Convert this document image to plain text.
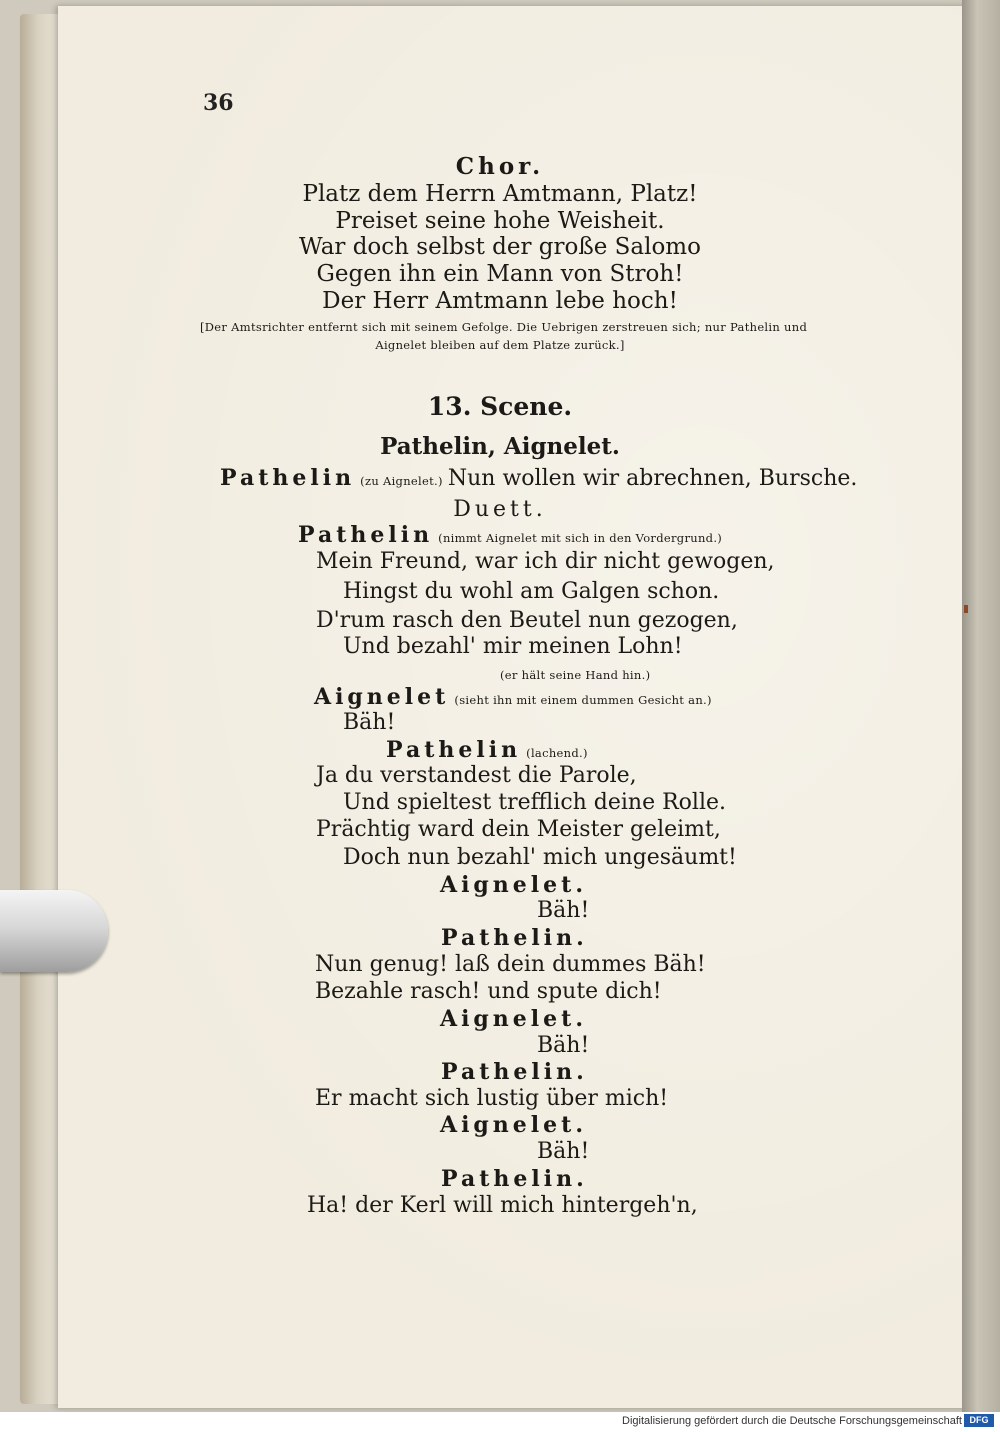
36
Chor.
Platz dem Herrn Amtmann, Platz!
Preiset seine hohe Weisheit.
War doch selbst der große Salomo
Gegen ihn ein Mann von Stroh!
Der Herr Amtmann lebe hoch!
[Der Amtsrichter entfernt sich mit seinem Gefolge. Die Uebrigen zerstreuen sich; nur Pathelin und
Aignelet bleiben auf dem Platze zurück.]
13. Scene.
Pathelin, Aignelet.
Pathelin (zu Aignelet.) Nun wollen wir abrechnen, Bursche.
Duett.
Pathelin (nimmt Aignelet mit sich in den Vordergrund.)
Mein Freund, war ich dir nicht gewogen,
Hingst du wohl am Galgen schon.
D'rum rasch den Beutel nun gezogen,
Und bezahl' mir meinen Lohn!
(er hält seine Hand hin.)
Aignelet (sieht ihn mit einem dummen Gesicht an.)
Bäh!
Pathelin (lachend.)
Ja du verstandest die Parole,
Und spieltest trefflich deine Rolle.
Prächtig ward dein Meister geleimt,
Doch nun bezahl' mich ungesäumt!
Aignelet.
Bäh!
Pathelin.
Nun genug! laß dein dummes Bäh!
Bezahle rasch! und spute dich!
Aignelet.
Bäh!
Pathelin.
Er macht sich lustig über mich!
Aignelet.
Bäh!
Pathelin.
Ha! der Kerl will mich hintergeh'n,
Digitalisierung gefördert durch die Deutsche Forschungsgemeinschaft DFG
